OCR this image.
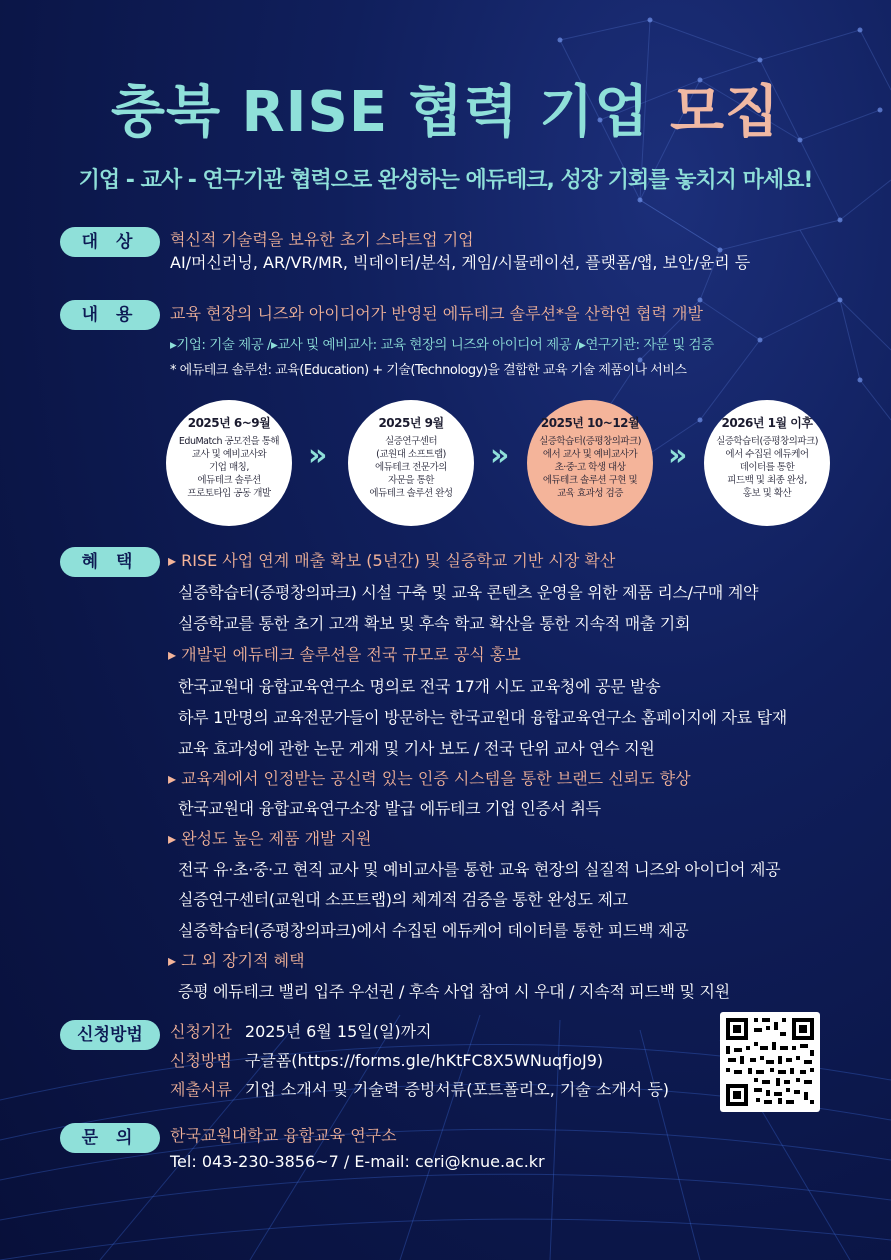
충북 RISE 협력 기업 모집
기업 - 교사 - 연구기관 협력으로 완성하는 에듀테크, 성장 기회를 놓치지 마세요!
대 상	혁신적 기술력을 보유한 초기 스타트업 기업
AI/머신러닝, AR/VR/MR, 빅데이터/분석, 게임/시뮬레이션, 플랫폼/앱, 보안/윤리 등
내 용	교육 현장의 니즈와 아이디어가 반영된 에듀테크 솔루션*을 산학연 협력 개발
▸기업: 기술 제공 /▸교사 및 예비교사: 교육 현장의 니즈와 아이디어 제공 /▸연구기관: 자문 및 검증
* 에듀테크 솔루션: 교육(Education) + 기술(Technology)을 결합한 교육 기술 제품이나 서비스
2025년 6~9월
EduMatch 공모전을 통해
교사 및 예비교사와
기업 매칭,
에듀테크 솔루션
프로토타입 공동 개발
»
2025년 9월
실증연구센터
(교원대 소프트랩)
에듀테크 전문가의
자문을 통한
에듀테크 솔루션 완성
»
2025년 10~12월
실증학습터(증평창의파크)
에서 교사 및 예비교사가
초·중·고 학생 대상
에듀테크 솔루션 구현 및
교육 효과성 검증
»
2026년 1월 이후
실증학습터(증평창의파크)
에서 수집된 에듀케어
데이터를 통한
피드백 및 최종 완성,
홍보 및 확산
혜 택	▸ RISE 사업 연계 매출 확보 (5년간) 및 실증학교 기반 시장 확산
실증학습터(증평창의파크) 시설 구축 및 교육 콘텐츠 운영을 위한 제품 리스/구매 계약
실증학교를 통한 초기 고객 확보 및 후속 학교 확산을 통한 지속적 매출 기회
▸ 개발된 에듀테크 솔루션을 전국 규모로 공식 홍보
한국교원대 융합교육연구소 명의로 전국 17개 시도 교육청에 공문 발송
하루 1만명의 교육전문가들이 방문하는 한국교원대 융합교육연구소 홈페이지에 자료 탑재
교육 효과성에 관한 논문 게재 및 기사 보도 / 전국 단위 교사 연수 지원
▸ 교육계에서 인정받는 공신력 있는 인증 시스템을 통한 브랜드 신뢰도 향상
한국교원대 융합교육연구소장 발급 에듀테크 기업 인증서 취득
▸ 완성도 높은 제품 개발 지원
전국 유·초·중·고 현직 교사 및 예비교사를 통한 교육 현장의 실질적 니즈와 아이디어 제공
실증연구센터(교원대 소프트랩)의 체계적 검증을 통한 완성도 제고
실증학습터(증평창의파크)에서 수집된 에듀케어 데이터를 통한 피드백 제공
▸ 그 외 장기적 혜택
증평 에듀테크 밸리 입주 우선권 / 후속 사업 참여 시 우대 / 지속적 피드백 및 지원
신청방법	신청기간 2025년 6월 15일(일)까지
신청방법 구글폼(https://forms.gle/hKtFC8X5WNuqfjoJ9)
제출서류 기업 소개서 및 기술력 증빙서류(포트폴리오, 기술 소개서 등)
문 의	한국교원대학교 융합교육 연구소
Tel: 043-230-3856~7 / E-mail: ceri@knue.ac.kr
